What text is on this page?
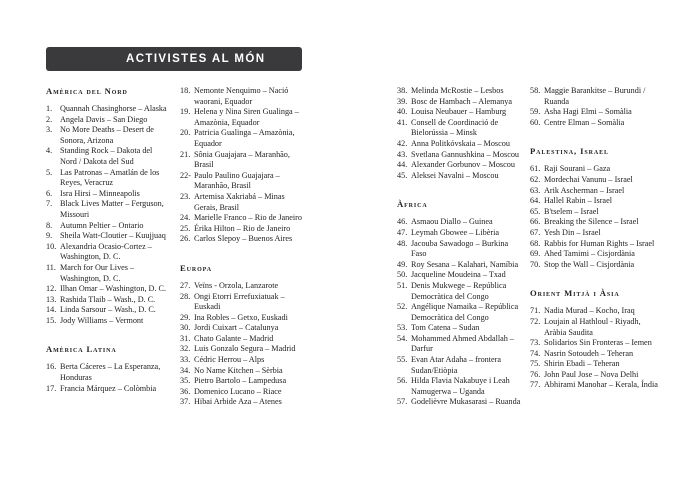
ACTIVISTES AL MÓN
Amèrica del Nord
1. Quannah Chasinghorse – Alaska
2. Angela Davis – San Diego
3. No More Deaths – Desert de Sonora, Arizona
4. Standing Rock – Dakota del Nord / Dakota del Sud
5. Las Patronas – Amatlán de los Reyes, Veracruz
6. Isra Hirsi – Minneapolis
7. Black Lives Matter – Ferguson, Missouri
8. Autumn Peltier – Ontario
9. Sheila Watt-Cloutier – Kuujjuaq
10. Alexandria Ocasio-Cortez – Washington, D. C.
11. March for Our Lives – Washington, D. C.
12. Ilhan Omar – Washington, D. C.
13. Rashida Tlaib – Wash., D. C.
14. Linda Sarsour – Wash., D. C.
15. Jody Williams – Vermont
Amèrica Latina
16. Berta Cáceres – La Esperanza, Honduras
17. Francia Márquez – Colòmbia
18. Nemonte Nenquimo – Nació waorani, Equador
19. Helena y Nina Siren Gualinga – Amazònia, Equador
20. Patricia Gualinga – Amazònia, Equador
21. Sônia Guajajara – Maranhão, Brasil
22- Paulo Paulino Guajajara – Maranhão, Brasil
23. Artemisa Xakriabá – Minas Gerais, Brasil
24. Marielle Franco – Rio de Janeiro
25. Érika Hilton – Rio de Janeiro
26. Carlos Slepoy – Buenos Aires
Europa
27. Veïns - Orzola, Lanzarote
28. Ongi Etorri Errefuxiatuak – Euskadi
29. Ina Robles – Getxo, Euskadi
30. Jordi Cuixart – Catalunya
31. Chato Galante – Madrid
32. Luis Gonzalo Segura – Madrid
33. Cédric Herrou – Alps
34. No Name Kitchen – Sèrbia
35. Pietro Bartolo – Lampedusa
36. Domenico Lucano – Riace
37. Hibai Arbide Aza – Atenes
38. Melinda McRostie – Lesbos
39. Bosc de Hambach – Alemanya
40. Louisa Neubauer – Hamburg
41. Consell de Coordinació de Bielorússia – Minsk
42. Anna Politkóvskaia – Moscou
43. Svetlana Gannushkina – Moscou
44. Alexander Gorbunov – Moscou
45. Aleksei Navalni – Moscou
Àfrica
46. Asmaou Diallo – Guinea
47. Leymah Gbowee – Libèria
48. Jacouba Sawadogo – Burkina Faso
49. Roy Sesana – Kalahari, Namíbia
50. Jacqueline Moudeina – Txad
51. Denis Mukwege – República Democràtica del Congo
52. Angélique Namaika – República Democràtica del Congo
53. Tom Catena – Sudan
54. Mohammed Ahmed Abdallah – Darfur
55. Evan Atar Adaha – frontera Sudan/Etiòpia
56. Hilda Flavia Nakabuye i Leah Namugerwa – Uganda
57. Godelièvre Mukasarasi – Ruanda
58. Maggie Barankitse – Burundi / Ruanda
59. Asha Hagi Elmi – Somàlia
60. Centre Elman – Somàlia
Palestina, Israel
61. Raji Sourani – Gaza
62. Mordechai Vanunu – Israel
63. Arik Ascherman – Israel
64. Hallel Rabin – Israel
65. B'tselem – Israel
66. Breaking the Silence – Israel
67. Yesh Din – Israel
68. Rabbis for Human Rights – Israel
69. Ahed Tamimi – Cisjordània
70. Stop the Wall – Cisjordània
Orient Mitjà i Àsia
71. Nadia Murad – Kocho, Iraq
72. Loujain al Hathloul - Riyadh, Aràbia Saudita
73. Solidarios Sin Fronteras – Iemen
74. Nasrin Sotoudeh – Teheran
75. Shirin Ebadi – Teheran
76. John Paul Jose – Nova Delhi
77. Abhirami Manohar – Kerala, Índia
